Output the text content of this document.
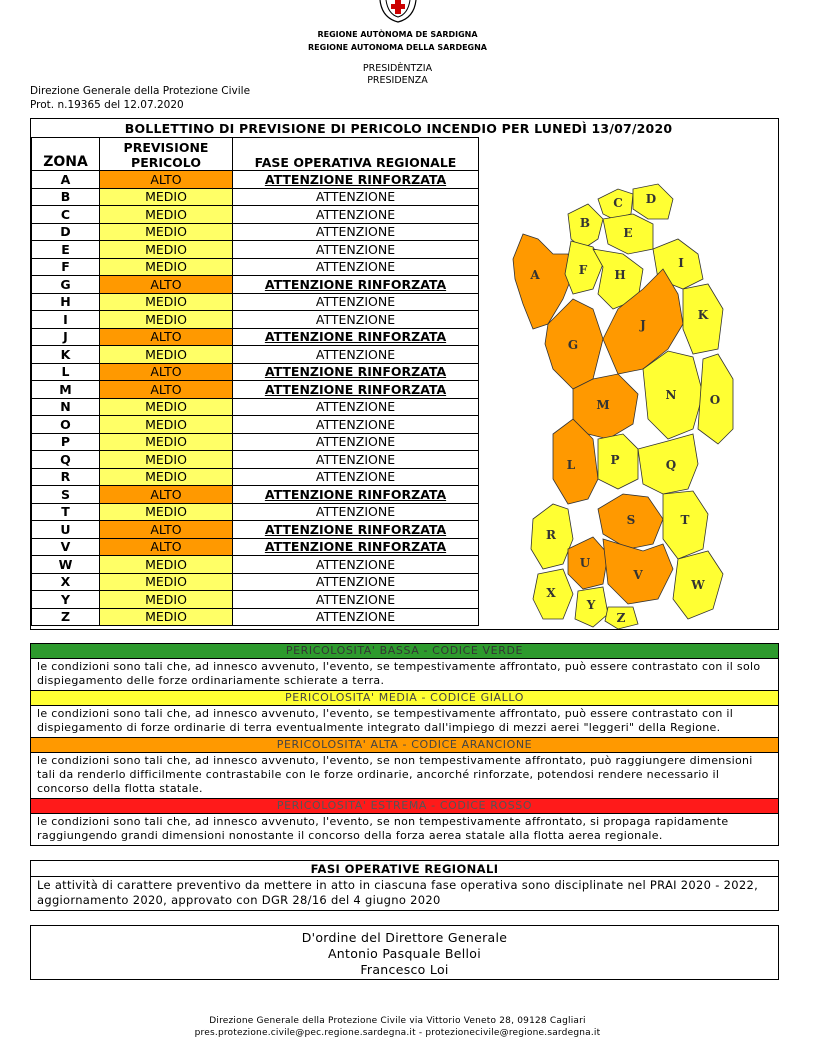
REGIONE AUTÒNOMA DE SARDIGNA
REGIONE AUTONOMA DELLA SARDEGNA
PRESIDÈNTZIA
PRESIDENZA
Direzione Generale della Protezione Civile
Prot. n.19365 del 12.07.2020
BOLLETTINO DI PREVISIONE DI PERICOLO INCENDIO PER LUNEDÌ 13/07/2020
ZONA	PREVISIONE PERICOLO	FASE OPERATIVA REGIONALE
A	ALTO	ATTENZIONE RINFORZATA
B	MEDIO	ATTENZIONE
C	MEDIO	ATTENZIONE
D	MEDIO	ATTENZIONE
E	MEDIO	ATTENZIONE
F	MEDIO	ATTENZIONE
G	ALTO	ATTENZIONE RINFORZATA
H	MEDIO	ATTENZIONE
I	MEDIO	ATTENZIONE
J	ALTO	ATTENZIONE RINFORZATA
K	MEDIO	ATTENZIONE
L	ALTO	ATTENZIONE RINFORZATA
M	ALTO	ATTENZIONE RINFORZATA
N	MEDIO	ATTENZIONE
O	MEDIO	ATTENZIONE
P	MEDIO	ATTENZIONE
Q	MEDIO	ATTENZIONE
R	MEDIO	ATTENZIONE
S	ALTO	ATTENZIONE RINFORZATA
T	MEDIO	ATTENZIONE
U	ALTO	ATTENZIONE RINFORZATA
V	ALTO	ATTENZIONE RINFORZATA
W	MEDIO	ATTENZIONE
X	MEDIO	ATTENZIONE
Y	MEDIO	ATTENZIONE
Z	MEDIO	ATTENZIONE
A
B
C D
E
F
G
H
I
J
K
L
M
N	O
P	Q
R
S	T
U
V
W
X
Y
Z
PERICOLOSITA' BASSA - CODICE VERDE
le condizioni sono tali che, ad innesco avvenuto, l'evento, se tempestivamente affrontato, può essere contrastato con il solo dispiegamento delle forze ordinariamente schierate a terra.
PERICOLOSITA' MEDIA - CODICE GIALLO
le condizioni sono tali che, ad innesco avvenuto, l'evento, se tempestivamente affrontato, può essere contrastato con il dispiegamento di forze ordinarie di terra eventualmente integrato dall'impiego di mezzi aerei "leggeri" della Regione.
PERICOLOSITA' ALTA - CODICE ARANCIONE
le condizioni sono tali che, ad innesco avvenuto, l'evento, se non tempestivamente affrontato, può raggiungere dimensioni tali da renderlo difficilmente contrastabile con le forze ordinarie, ancorché rinforzate, potendosi rendere necessario il concorso della flotta statale.
PERICOLOSITA' ESTREMA - CODICE ROSSO
le condizioni sono tali che, ad innesco avvenuto, l'evento, se non tempestivamente affrontato, si propaga rapidamente raggiungendo grandi dimensioni nonostante il concorso della forza aerea statale alla flotta aerea regionale.
FASI OPERATIVE REGIONALI
Le attività di carattere preventivo da mettere in atto in ciascuna fase operativa sono disciplinate nel PRAI 2020 - 2022, aggiornamento 2020, approvato con DGR 28/16 del 4 giugno 2020
D'ordine del Direttore Generale
Antonio Pasquale Belloi
Francesco Loi
Direzione Generale della Protezione Civile via Vittorio Veneto 28, 09128 Cagliari
pres.protezione.civile@pec.regione.sardegna.it - protezionecivile@regione.sardegna.it
